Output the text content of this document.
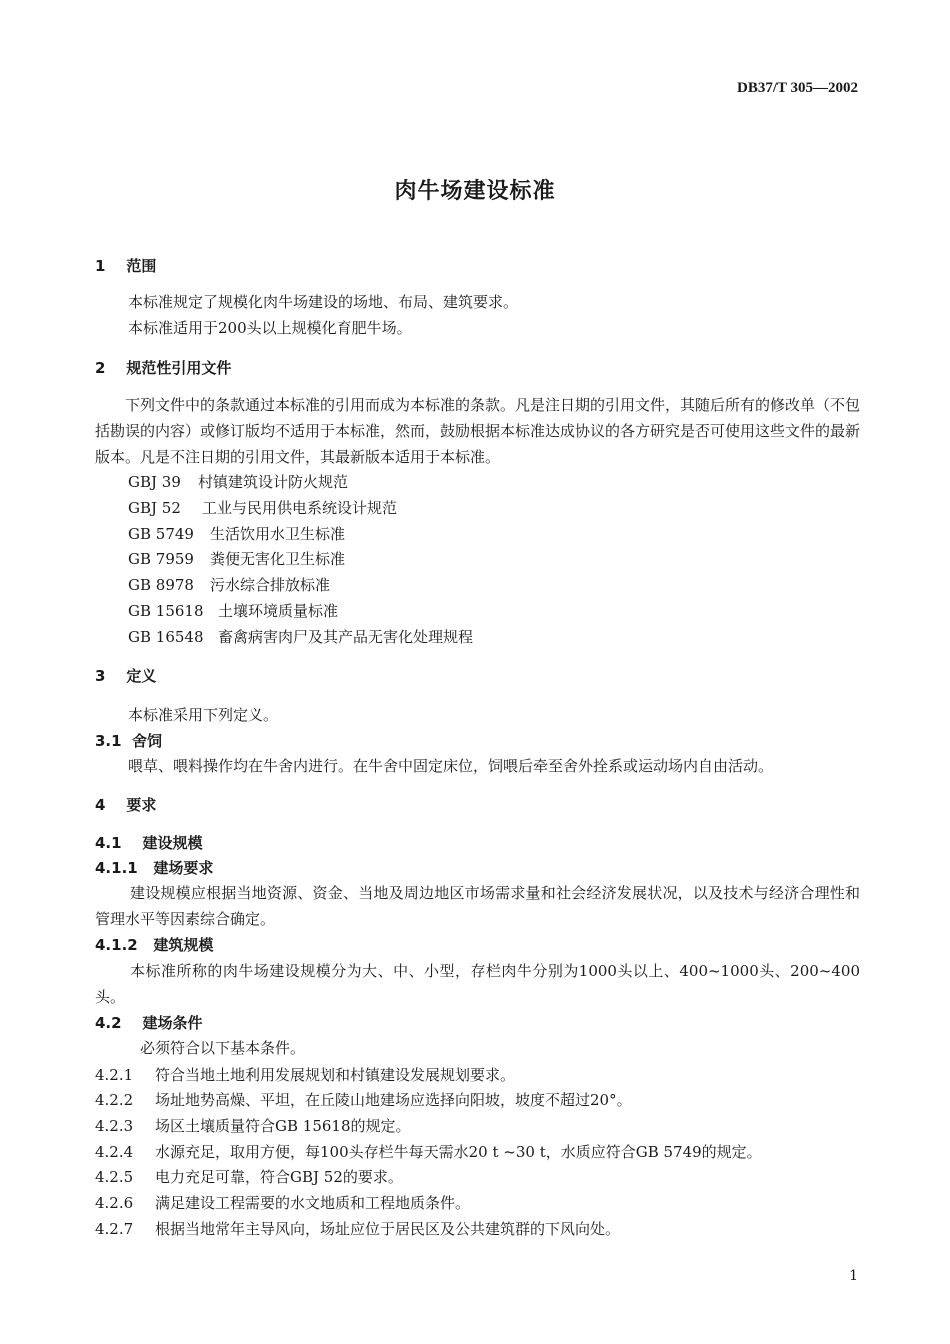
DB37/T 305—2002
肉牛场建设标准
1 范围
本标准规定了规模化肉牛场建设的场地、布局、建筑要求。
本标准适用于200头以上规模化育肥牛场。
2 规范性引用文件
下列文件中的条款通过本标准的引用而成为本标准的条款。凡是注日期的引用文件，其随后所有的修改单（不包括勘误的内容）或修订版均不适用于本标准，然而，鼓励根据本标准达成协议的各方研究是否可使用这些文件的最新版本。凡是不注日期的引用文件，其最新版本适用于本标准。
GBJ 39 村镇建筑设计防火规范
GBJ 52 工业与民用供电系统设计规范
GB 5749 生活饮用水卫生标准
GB 7959 粪便无害化卫生标准
GB 8978 污水综合排放标准
GB 15618 土壤环境质量标准
GB 16548 畜禽病害肉尸及其产品无害化处理规程
3 定义
本标准采用下列定义。
3.1 舍饲
喂草、喂料操作均在牛舍内进行。在牛舍中固定床位，饲喂后牵至舍外拴系或运动场内自由活动。
4 要求
4.1 建设规模
4.1.1 建场要求
建设规模应根据当地资源、资金、当地及周边地区市场需求量和社会经济发展状况，以及技术与经济合理性和管理水平等因素综合确定。
4.1.2 建筑规模
本标准所称的肉牛场建设规模分为大、中、小型，存栏肉牛分别为1000头以上、400~1000头、200~400头。
4.2 建场条件
必须符合以下基本条件。
4.2.1 符合当地土地利用发展规划和村镇建设发展规划要求。
4.2.2 场址地势高燥、平坦，在丘陵山地建场应选择向阳坡，坡度不超过20°。
4.2.3 场区土壤质量符合GB 15618的规定。
4.2.4 水源充足，取用方便，每100头存栏牛每天需水20 t ~30 t，水质应符合GB 5749的规定。
4.2.5 电力充足可靠，符合GBJ 52的要求。
4.2.6 满足建设工程需要的水文地质和工程地质条件。
4.2.7 根据当地常年主导风向，场址应位于居民区及公共建筑群的下风向处。
1
